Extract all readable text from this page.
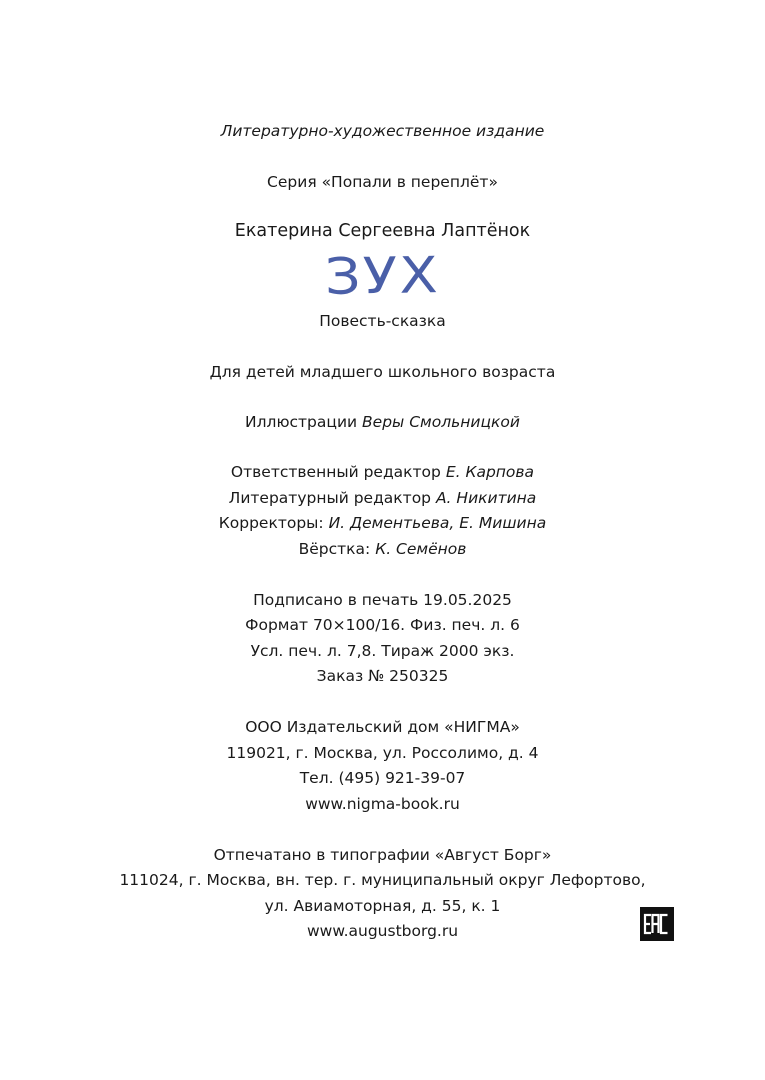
Литературно-художественное издание
Серия «Попали в переплёт»
Екатерина Сергеевна Лаптёнок
ЗУХ
Повесть-сказка
Для детей младшего школьного возраста
Иллюстрации Веры Смольницкой
Ответственный редактор Е. Карпова
Литературный редактор А. Никитина
Корректоры: И. Дементьева, Е. Мишина
Вёрстка: К. Семёнов
Подписано в печать 19.05.2025
Формат 70×100/16. Физ. печ. л. 6
Усл. печ. л. 7,8. Тираж 2000 экз.
Заказ № 250325
ООО Издательский дом «НИГМА»
119021, г. Москва, ул. Россолимо, д. 4
Тел. (495) 921-39-07
www.nigma-book.ru
Отпечатано в типографии «Август Борг»
111024, г. Москва, вн. тер. г. муниципальный округ Лефортово,
ул. Авиамоторная, д. 55, к. 1
www.augustborg.ru
